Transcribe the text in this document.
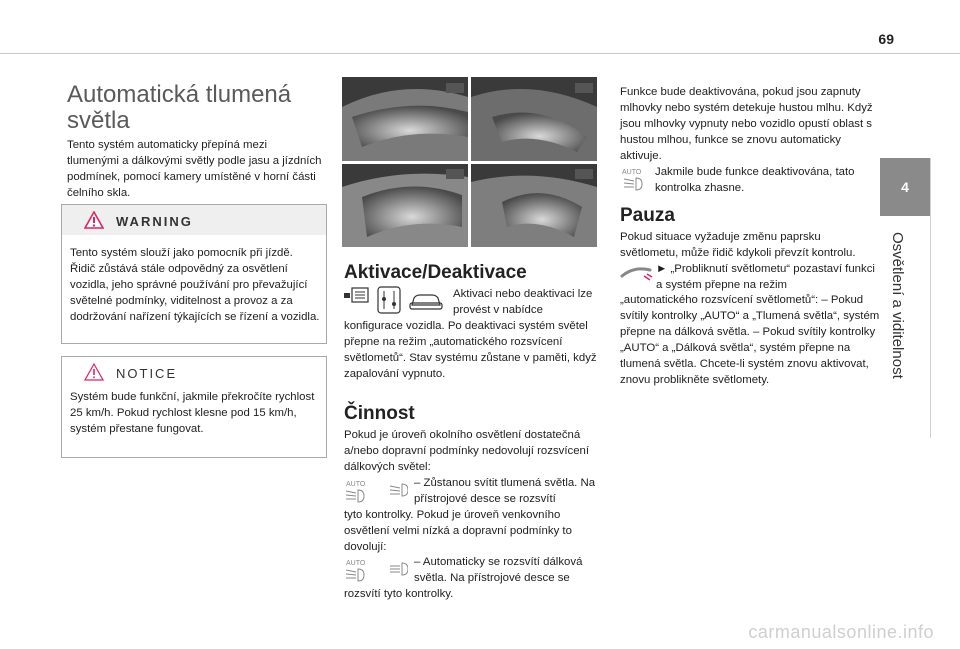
69
4
Osvětlení a viditelnost
Automatická tlumená světla
Tento systém automaticky přepíná mezi tlumenými a dálkovými světly podle jasu a jízdních podmínek, pomocí kamery umístěné v horní části čelního skla.
WARNING
Tento systém slouží jako pomocník při jízdě. Řidič zůstává stále odpovědný za osvětlení vozidla, jeho správné používání pro převažující světelné podmínky, viditelnost a provoz a za dodržování nařízení týkajících se řízení a vozidla.
NOTICE
Systém bude funkční, jakmile překročíte rychlost 25 km/h. Pokud rychlost klesne pod 15 km/h, systém přestane fungovat.
Aktivace/Deaktivace
Aktivaci nebo deaktivaci lze provést v nabídce
konfigurace vozidla. Po deaktivaci systém světel přepne na režim „automatického rozsvícení světlometů“. Stav systému zůstane v paměti, když zapalování vypnuto.
Činnost
Pokud je úroveň okolního osvětlení dostatečná a/nebo dopravní podmínky nedovolují rozsvícení dálkových světel:
AUTO	– Zůstanou svítit tlumená světla. Na přístrojové desce se rozsvítí
tyto kontrolky. Pokud je úroveň venkovního osvětlení velmi nízká a dopravní podmínky to dovolují:
AUTO	– Automaticky se rozsvítí dálková světla. Na přístrojové desce se
rozsvítí tyto kontrolky.
Funkce bude deaktivována, pokud jsou zapnuty mlhovky nebo systém detekuje hustou mlhu. Když jsou mlhovky vypnuty nebo vozidlo opustí oblast s hustou mlhou, funkce se znovu automaticky aktivuje.
AUTO Jakmile bude funkce deaktivována, tato kontrolka zhasne.
Pauza
Pokud situace vyžaduje změnu paprsku světlometu, může řidič kdykoli převzít kontrolu.
► „Probliknutí světlometu“ pozastaví funkci a systém přepne na režim
„automatického rozsvícení světlometů“: – Pokud svítily kontrolky „AUTO“ a „Tlumená světla“, systém přepne na dálková světla. – Pokud svítily kontrolky „AUTO“ a „Dálková světla“, systém přepne na tlumená světla. Chcete-li systém znovu aktivovat, znovu problikněte světlomety.
carmanualsonline.info
